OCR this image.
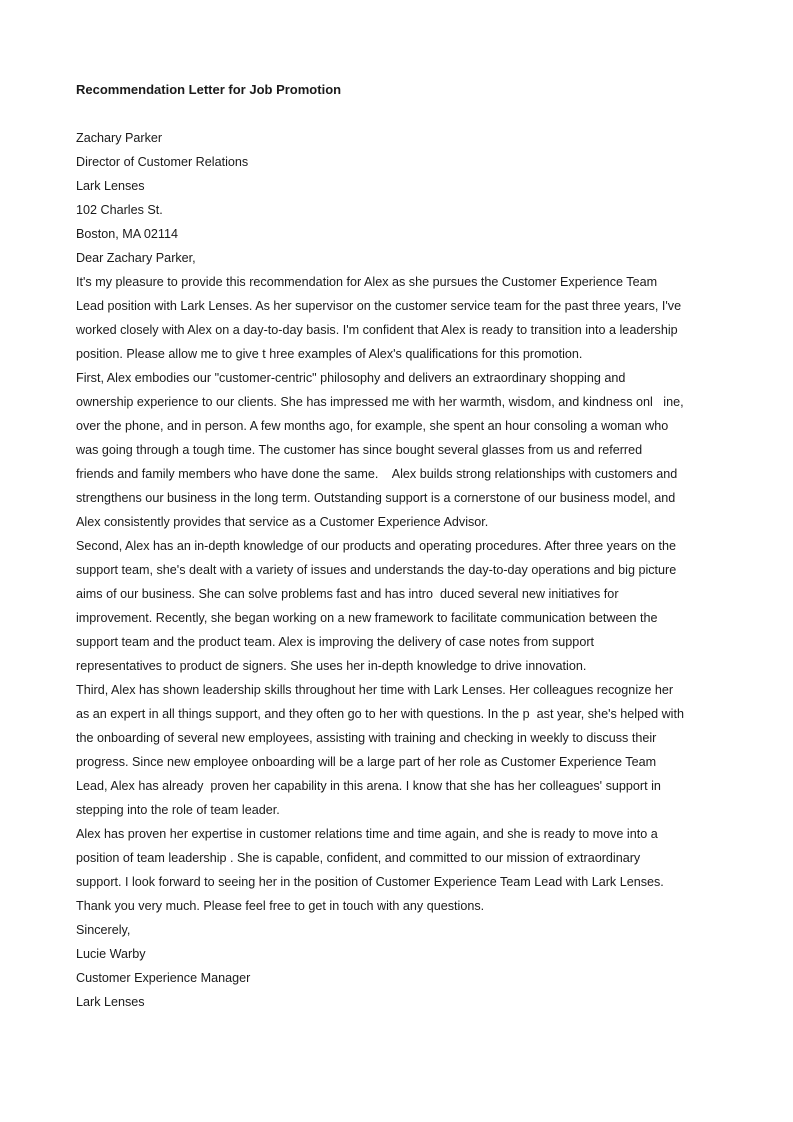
Recommendation Letter for Job Promotion
Zachary Parker
Director of Customer Relations
Lark Lenses
102 Charles St.
Boston, MA 02114
Dear Zachary Parker,
It's my pleasure to provide this recommendation for Alex as she pursues the Customer Experience Team
Lead position with Lark Lenses. As her supervisor on the customer service team for the past three years, I've
worked closely with Alex on a day-to-day basis. I'm confident that Alex is ready to transition into a leadership
position. Please allow me to give t hree examples of Alex's qualifications for this promotion.
First, Alex embodies our "customer-centric" philosophy and delivers an extraordinary shopping and
ownership experience to our clients. She has impressed me with her warmth, wisdom, and kindness onl   ine,
over the phone, and in person. A few months ago, for example, she spent an hour consoling a woman who
was going through a tough time. The customer has since bought several glasses from us and referred
friends and family members who have done the same.    Alex builds strong relationships with customers and
strengthens our business in the long term. Outstanding support is a cornerstone of our business model, and
Alex consistently provides that service as a Customer Experience Advisor.
Second, Alex has an in-depth knowledge of our products and operating procedures. After three years on the
support team, she's dealt with a variety of issues and understands the day-to-day operations and big picture
aims of our business. She can solve problems fast and has intro  duced several new initiatives for
improvement. Recently, she began working on a new framework to facilitate communication between the
support team and the product team. Alex is improving the delivery of case notes from support
representatives to product de signers. She uses her in-depth knowledge to drive innovation.
Third, Alex has shown leadership skills throughout her time with Lark Lenses. Her colleagues recognize her
as an expert in all things support, and they often go to her with questions. In the p  ast year, she's helped with
the onboarding of several new employees, assisting with training and checking in weekly to discuss their
progress. Since new employee onboarding will be a large part of her role as Customer Experience Team
Lead, Alex has already  proven her capability in this arena. I know that she has her colleagues' support in
stepping into the role of team leader.
Alex has proven her expertise in customer relations time and time again, and she is ready to move into a
position of team leadership . She is capable, confident, and committed to our mission of extraordinary
support. I look forward to seeing her in the position of Customer Experience Team Lead with Lark Lenses.
Thank you very much. Please feel free to get in touch with any questions.
Sincerely,
Lucie Warby
Customer Experience Manager
Lark Lenses
